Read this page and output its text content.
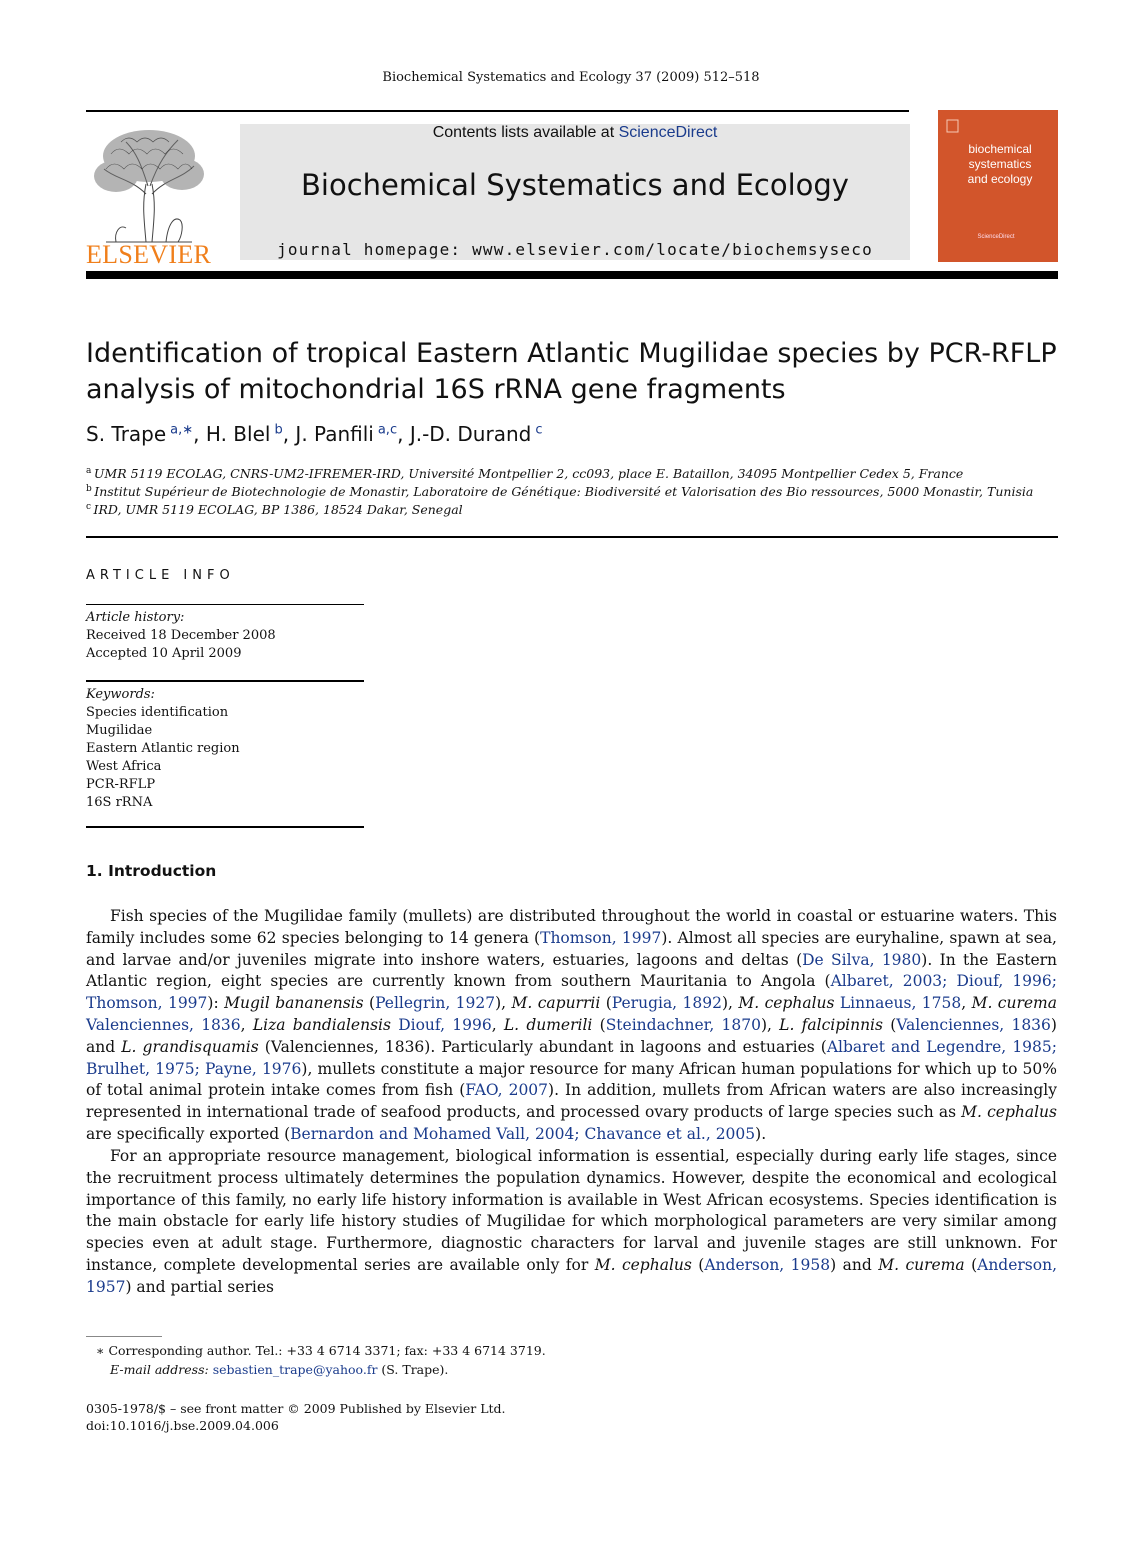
Biochemical Systematics and Ecology 37 (2009) 512–518
ELSEVIER
Contents lists available at ScienceDirect
Biochemical Systematics and Ecology
journal homepage: www.elsevier.com/locate/biochemsyseco
biochemical
systematics
and ecology
ScienceDirect
Identification of tropical Eastern Atlantic Mugilidae species by PCR-RFLP
analysis of mitochondrial 16S rRNA gene fragments
S. Trape  $^{a,∗}$, H. Blel  $^b$, J. Panfili  $^{a,c}$, J.-D. Durand  $^c$
$^a$  UMR 5119 ECOLAG, CNRS-UM2-IFREMER-IRD, Université Montpellier 2, cc093, place E. Bataillon, 34095 Montpellier Cedex 5, France
$^b$  Institut Supérieur de Biotechnologie de Monastir, Laboratoire de Génétique: Biodiversité et Valorisation des Bio ressources, 5000 Monastir, Tunisia
$^c$  IRD, UMR 5119 ECOLAG, BP 1386, 18524 Dakar, Senegal
ARTICLE INFO
Article history:
Received 18 December 2008
Accepted 10 April 2009
Keywords:
Species identification
Mugilidae
Eastern Atlantic region
West Africa
PCR-RFLP
16S rRNA
1. Introduction
Fish species of the Mugilidae family (mullets) are distributed throughout the world in coastal or estuarine waters. This family includes some 62 species belonging to 14 genera (Thomson, 1997). Almost all species are euryhaline, spawn at sea, and larvae and/or juveniles migrate into inshore waters, estuaries, lagoons and deltas (De Silva, 1980). In the Eastern Atlantic region, eight species are currently known from southern Mauritania to Angola (Albaret, 2003; Diouf, 1996; Thomson, 1997): Mugil bananensis (Pellegrin, 1927), M. capurrii (Perugia, 1892), M. cephalus Linnaeus, 1758, M. curema Valenciennes, 1836, Liza bandialensis Diouf, 1996, L. dumerili (Steindachner, 1870), L. falcipinnis (Valenciennes, 1836) and L. grandisquamis (Valenciennes, 1836). Particularly abundant in lagoons and estuaries (Albaret and Legendre, 1985; Brulhet, 1975; Payne, 1976), mullets constitute a major resource for many African human populations for which up to 50% of total animal protein intake comes from fish (FAO, 2007). In addition, mullets from African waters are also increasingly represented in international trade of seafood products, and processed ovary products of large species such as M. cephalus are specifically exported (Bernardon and Mohamed Vall, 2004; Chavance et al., 2005).
For an appropriate resource management, biological information is essential, especially during early life stages, since the recruitment process ultimately determines the population dynamics. However, despite the economical and ecological importance of this family, no early life history information is available in West African ecosystems. Species identification is the main obstacle for early life history studies of Mugilidae for which morphological parameters are very similar among species even at adult stage. Furthermore, diagnostic characters for larval and juvenile stages are still unknown. For instance, complete developmental series are available only for M. cephalus (Anderson, 1958) and M. curema (Anderson, 1957) and partial series
∗ Corresponding author. Tel.: +33 4 6714 3371; fax: +33 4 6714 3719.
E-mail address: sebastien_trape@yahoo.fr (S. Trape).
0305-1978/$ – see front matter © 2009 Published by Elsevier Ltd.
doi:10.1016/j.bse.2009.04.006
